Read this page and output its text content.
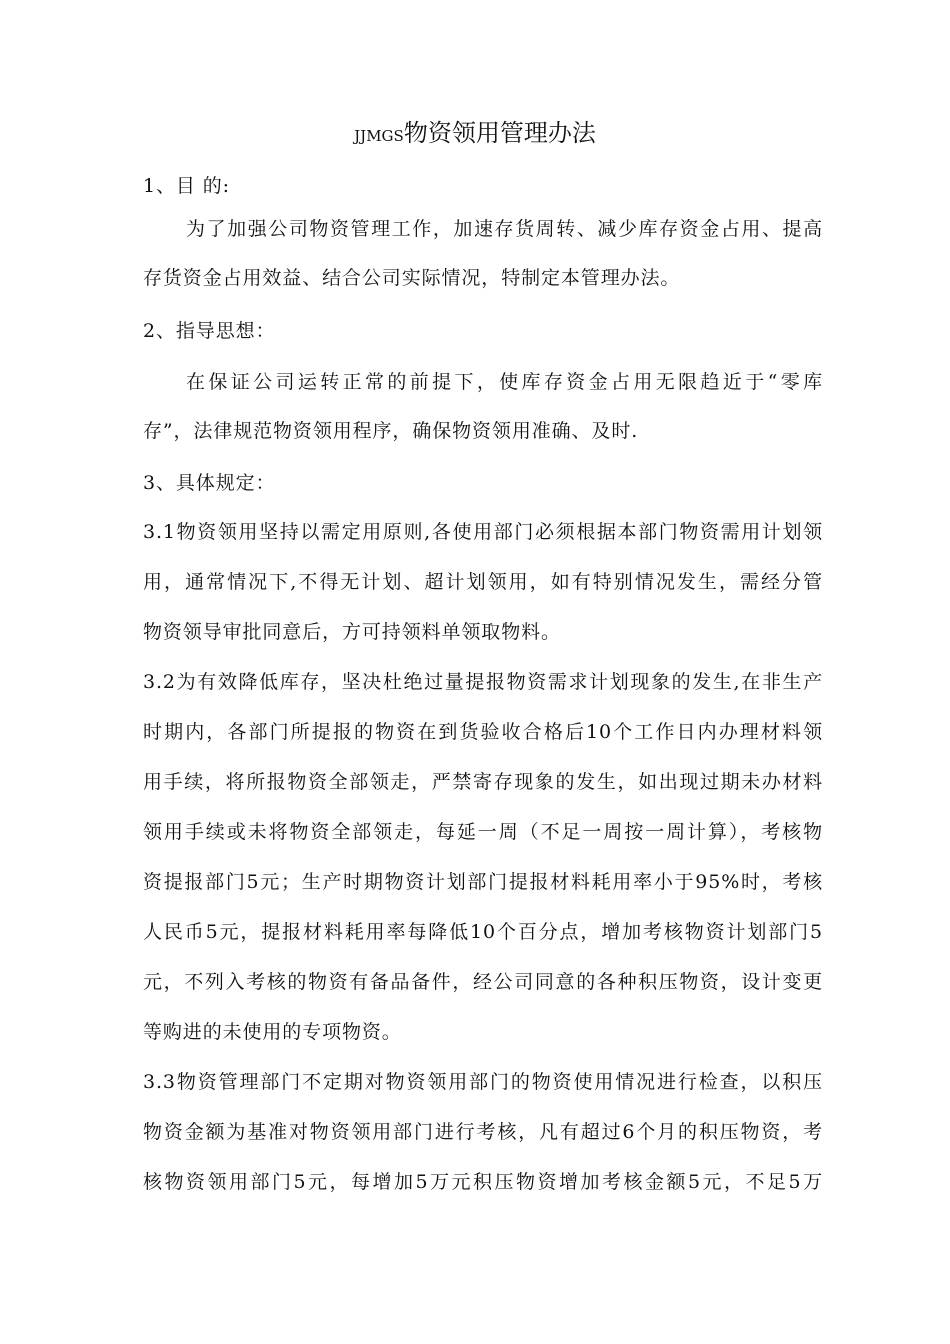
JJMGS物资领用管理办法

1、目 的:

为了加强公司物资管理工作，加速存货周转、减少库存资金占用、提高

存货资金占用效益、结合公司实际情况，特制定本管理办法。

2、指导思想：

在保证公司运转正常的前提下，使库存资金占用无限趋近于“零库

存”，法律规范物资领用程序，确保物资领用准确、及时.

3、具体规定：

3.1物资领用坚持以需定用原则,各使用部门必须根据本部门物资需用计划领

用，通常情况下,不得无计划、超计划领用，如有特别情况发生，需经分管

物资领导审批同意后，方可持领料单领取物料。

3.2为有效降低库存，坚决杜绝过量提报物资需求计划现象的发生,在非生产

时期内，各部门所提报的物资在到货验收合格后10个工作日内办理材料领

用手续，将所报物资全部领走，严禁寄存现象的发生，如出现过期未办材料

领用手续或未将物资全部领走，每延一周（不足一周按一周计算），考核物

资提报部门5元；生产时期物资计划部门提报材料耗用率小于95%时，考核

人民币5元，提报材料耗用率每降低10个百分点，增加考核物资计划部门5

元，不列入考核的物资有备品备件，经公司同意的各种积压物资，设计变更

等购进的未使用的专项物资。

3.3物资管理部门不定期对物资领用部门的物资使用情况进行检查，以积压

物资金额为基准对物资领用部门进行考核，凡有超过6个月的积压物资，考

核物资领用部门5元，每增加5万元积压物资增加考核金额5元，不足5万
